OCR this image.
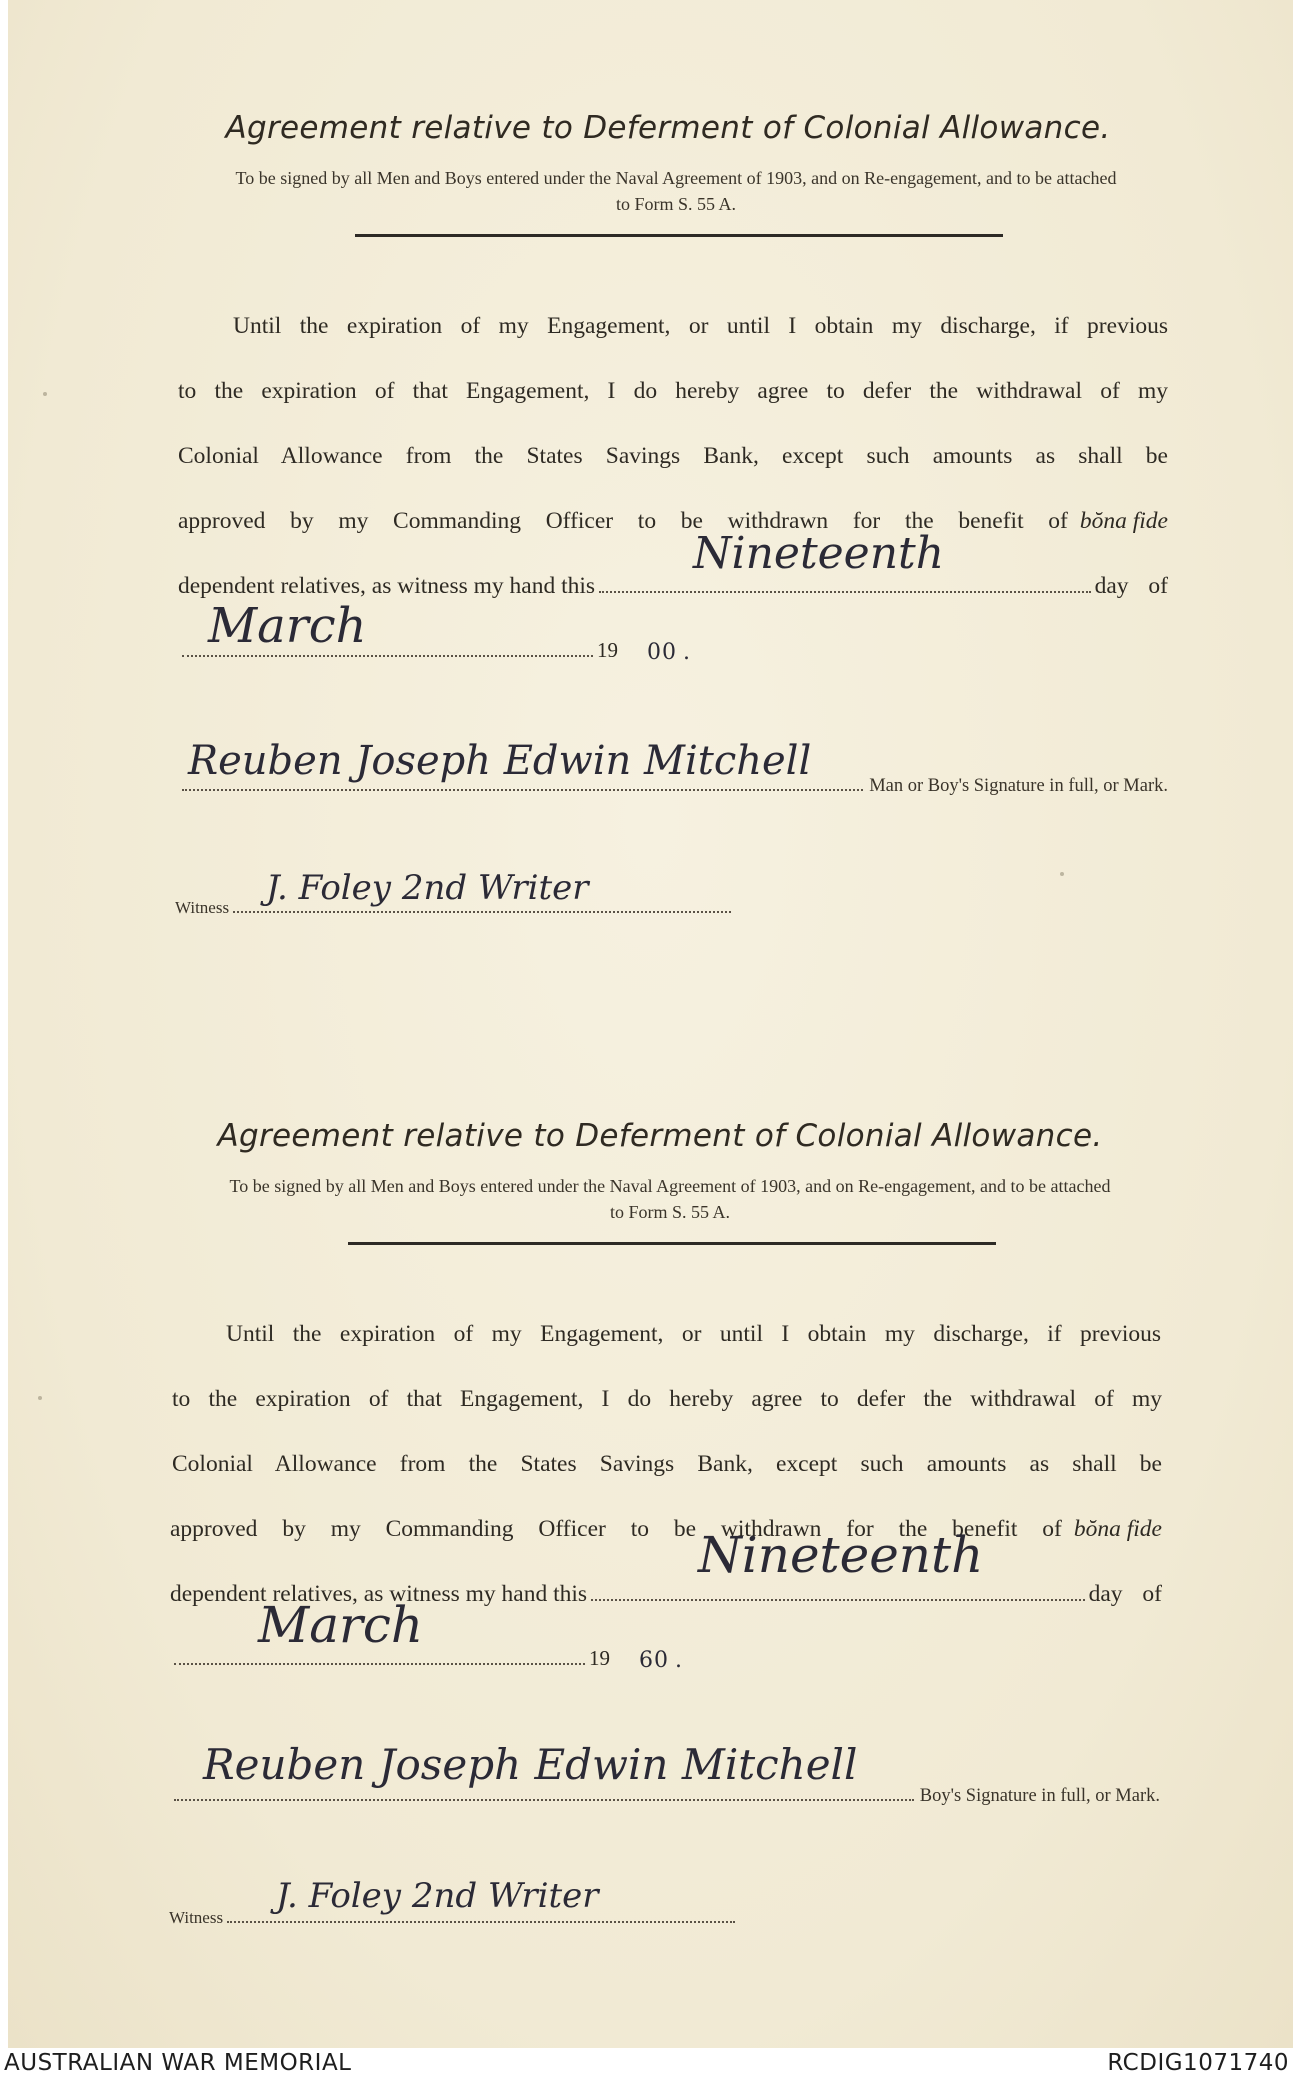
Agreement relative to Deferment of Colonial Allowance.
To be signed by all Men and Boys entered under the Naval Agreement of 1903, and on Re-engagement, and to be attached
to Form S. 55 A.
Until the expiration of my Engagement, or until I obtain my discharge, if previous
to the expiration of that Engagement, I do hereby agree to defer the withdrawal of my
Colonial Allowance from the States Savings Bank, except such amounts as shall be
approved by my Commanding Officer to be withdrawn for the benefit of bŏna fide
dependent relatives, as witness my hand this	day of
Nineteenth
19
March	0 0 .
Man or Boy's Signature in full, or Mark.
Reuben Joseph Edwin Mitchell
Witness J. Foley 2nd Writer
Agreement relative to Deferment of Colonial Allowance.
To be signed by all Men and Boys entered under the Naval Agreement of 1903, and on Re-engagement, and to be attached
to Form S. 55 A.
Until the expiration of my Engagement, or until I obtain my discharge, if previous
to the expiration of that Engagement, I do hereby agree to defer the withdrawal of my
Colonial Allowance from the States Savings Bank, except such amounts as shall be
approved by my Commanding Officer to be withdrawn for the benefit of bŏna fide
dependent relatives, as witness my hand this	day of
Nineteenth
19
March
6 0 .
Boy's Signature in full, or Mark.
Reuben Joseph Edwin Mitchell
Witness
J. Foley 2nd Writer
AUSTRALIAN WAR MEMORIAL	RCDIG1071740
